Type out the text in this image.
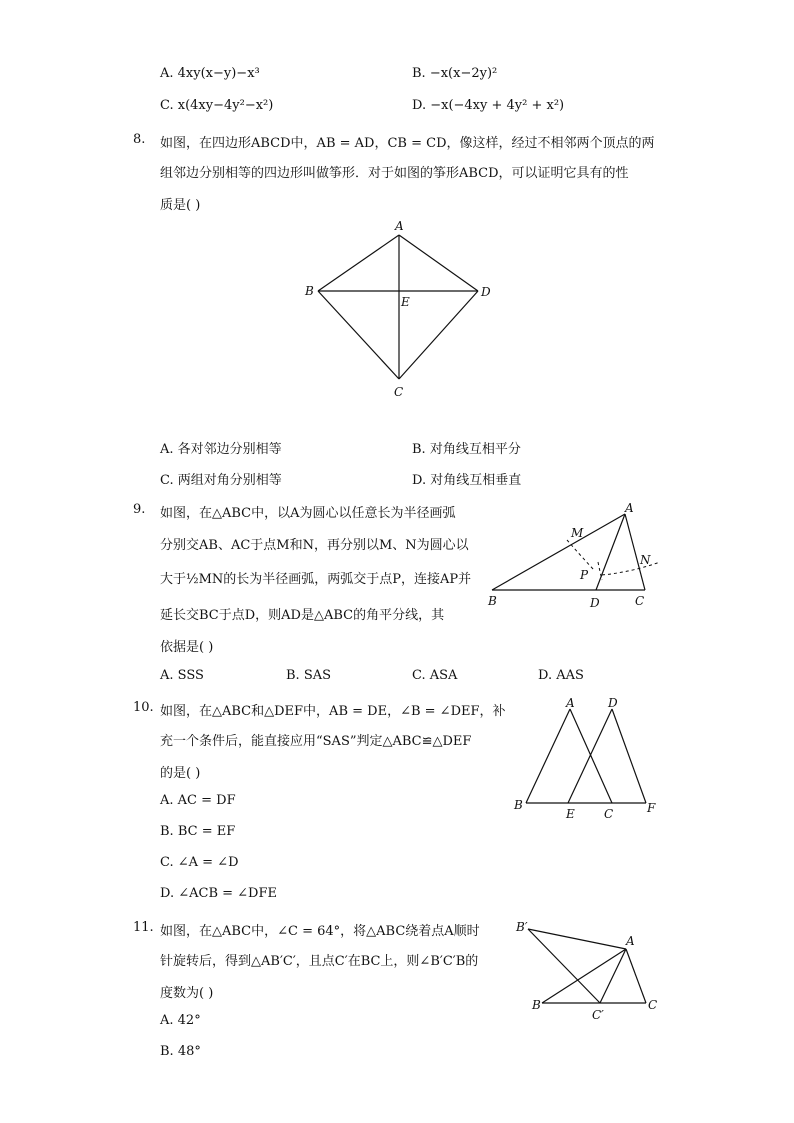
A. 4xy(x−y)−x³	B. −x(x−2y)²
C. x(4xy−4y²−x²)	D. −x(−4xy + 4y² + x²)
8. 如图，在四边形ABCD中，AB = AD，CB = CD，像这样，经过不相邻两个顶点的两
组邻边分别相等的四边形叫做筝形．对于如图的筝形ABCD，可以证明它具有的性
质是( )
A
B	D
E
C
A. 各对邻边分别相等	B. 对角线互相平分
C. 两组对角分别相等	D. 对角线互相垂直
9. 如图，在△ABC中，以A为圆心以任意长为半径画弧
分别交AB、AC于点M和N，再分别以M、N为圆心以
大于½MN的长为半径画弧，两弧交于点P，连接AP并
延长交BC于点D，则AD是△ABC的角平分线，其
依据是( )
A
B	D	C
M
N
P
A. SSS	B. SAS	C. ASA	D. AAS
10. 如图，在△ABC和△DEF中，AB = DE，∠B = ∠DEF，补
充一个条件后，能直接应用“SAS”判定△ABC≌△DEF
的是( )
A. AC = DF
B. BC = EF
C. ∠A = ∠D
D. ∠ACB = ∠DFE
A	D
B
E C	F
11. 如图，在△ABC中，∠C = 64°，将△ABC绕着点A顺时
针旋转后，得到△AB′C′，且点C′在BC上，则∠B′C′B的
度数为( )
A. 42°
B. 48°
A
B′
B	C
C′
